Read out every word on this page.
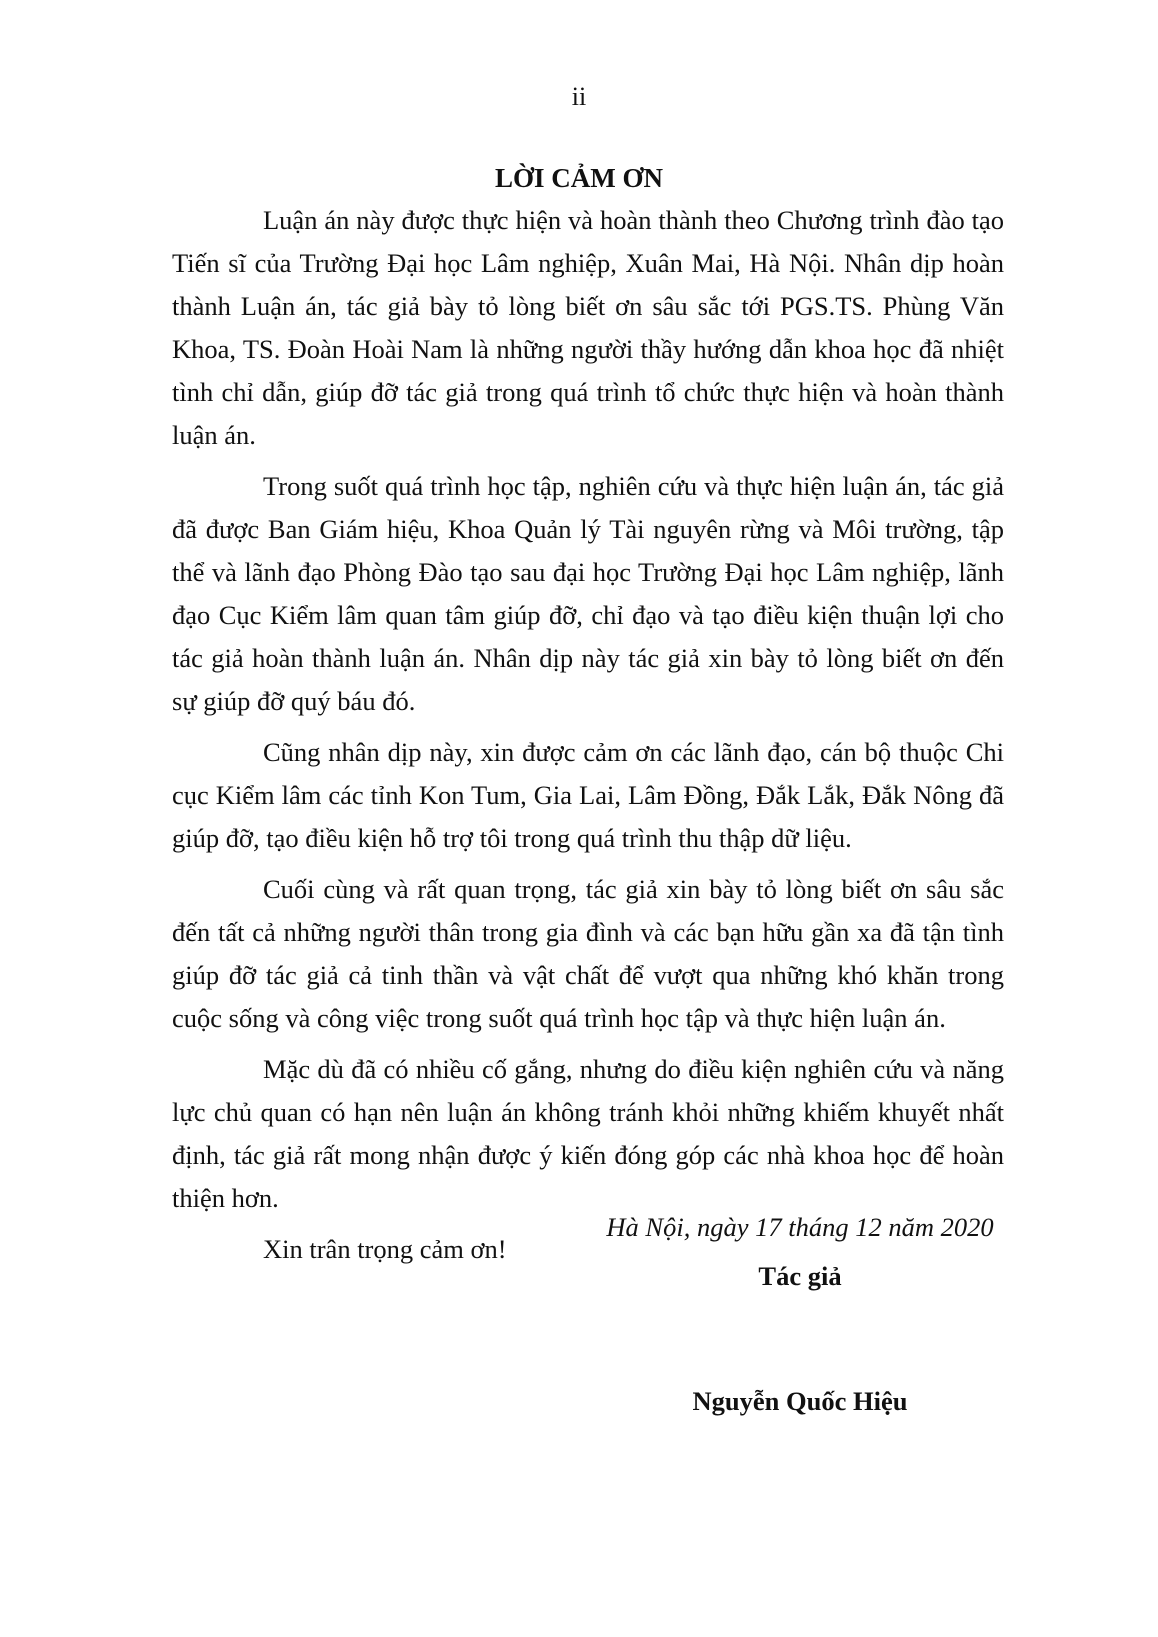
ii
LỜI CẢM ƠN

Luận án này được thực hiện và hoàn thành theo Chương trình đào tạo Tiến sĩ của Trường Đại học Lâm nghiệp, Xuân Mai, Hà Nội. Nhân dịp hoàn thành Luận án, tác giả bày tỏ lòng biết ơn sâu sắc tới PGS.TS. Phùng Văn Khoa, TS. Đoàn Hoài Nam là những người thầy hướng dẫn khoa học đã nhiệt tình chỉ dẫn, giúp đỡ tác giả trong quá trình tổ chức thực hiện và hoàn thành luận án.

Trong suốt quá trình học tập, nghiên cứu và thực hiện luận án, tác giả đã được Ban Giám hiệu, Khoa Quản lý Tài nguyên rừng và Môi trường, tập thể và lãnh đạo Phòng Đào tạo sau đại học Trường Đại học Lâm nghiệp, lãnh đạo Cục Kiểm lâm quan tâm giúp đỡ, chỉ đạo và tạo điều kiện thuận lợi cho tác giả hoàn thành luận án. Nhân dịp này tác giả xin bày tỏ lòng biết ơn đến sự giúp đỡ quý báu đó.

Cũng nhân dịp này, xin được cảm ơn các lãnh đạo, cán bộ thuộc Chi cục Kiểm lâm các tỉnh Kon Tum, Gia Lai, Lâm Đồng, Đắk Lắk, Đắk Nông đã giúp đỡ, tạo điều kiện hỗ trợ tôi trong quá trình thu thập dữ liệu.

Cuối cùng và rất quan trọng, tác giả xin bày tỏ lòng biết ơn sâu sắc đến tất cả những người thân trong gia đình và các bạn hữu gần xa đã tận tình giúp đỡ tác giả cả tinh thần và vật chất để vượt qua những khó khăn trong cuộc sống và công việc trong suốt quá trình học tập và thực hiện luận án.

Mặc dù đã có nhiều cố gắng, nhưng do điều kiện nghiên cứu và năng lực chủ quan có hạn nên luận án không tránh khỏi những khiếm khuyết nhất định, tác giả rất mong nhận được ý kiến đóng góp các nhà khoa học để hoàn thiện hơn.

Xin trân trọng cảm ơn!

Hà Nội, ngày 17 tháng 12 năm 2020
Tác giả
Nguyễn Quốc Hiệu
